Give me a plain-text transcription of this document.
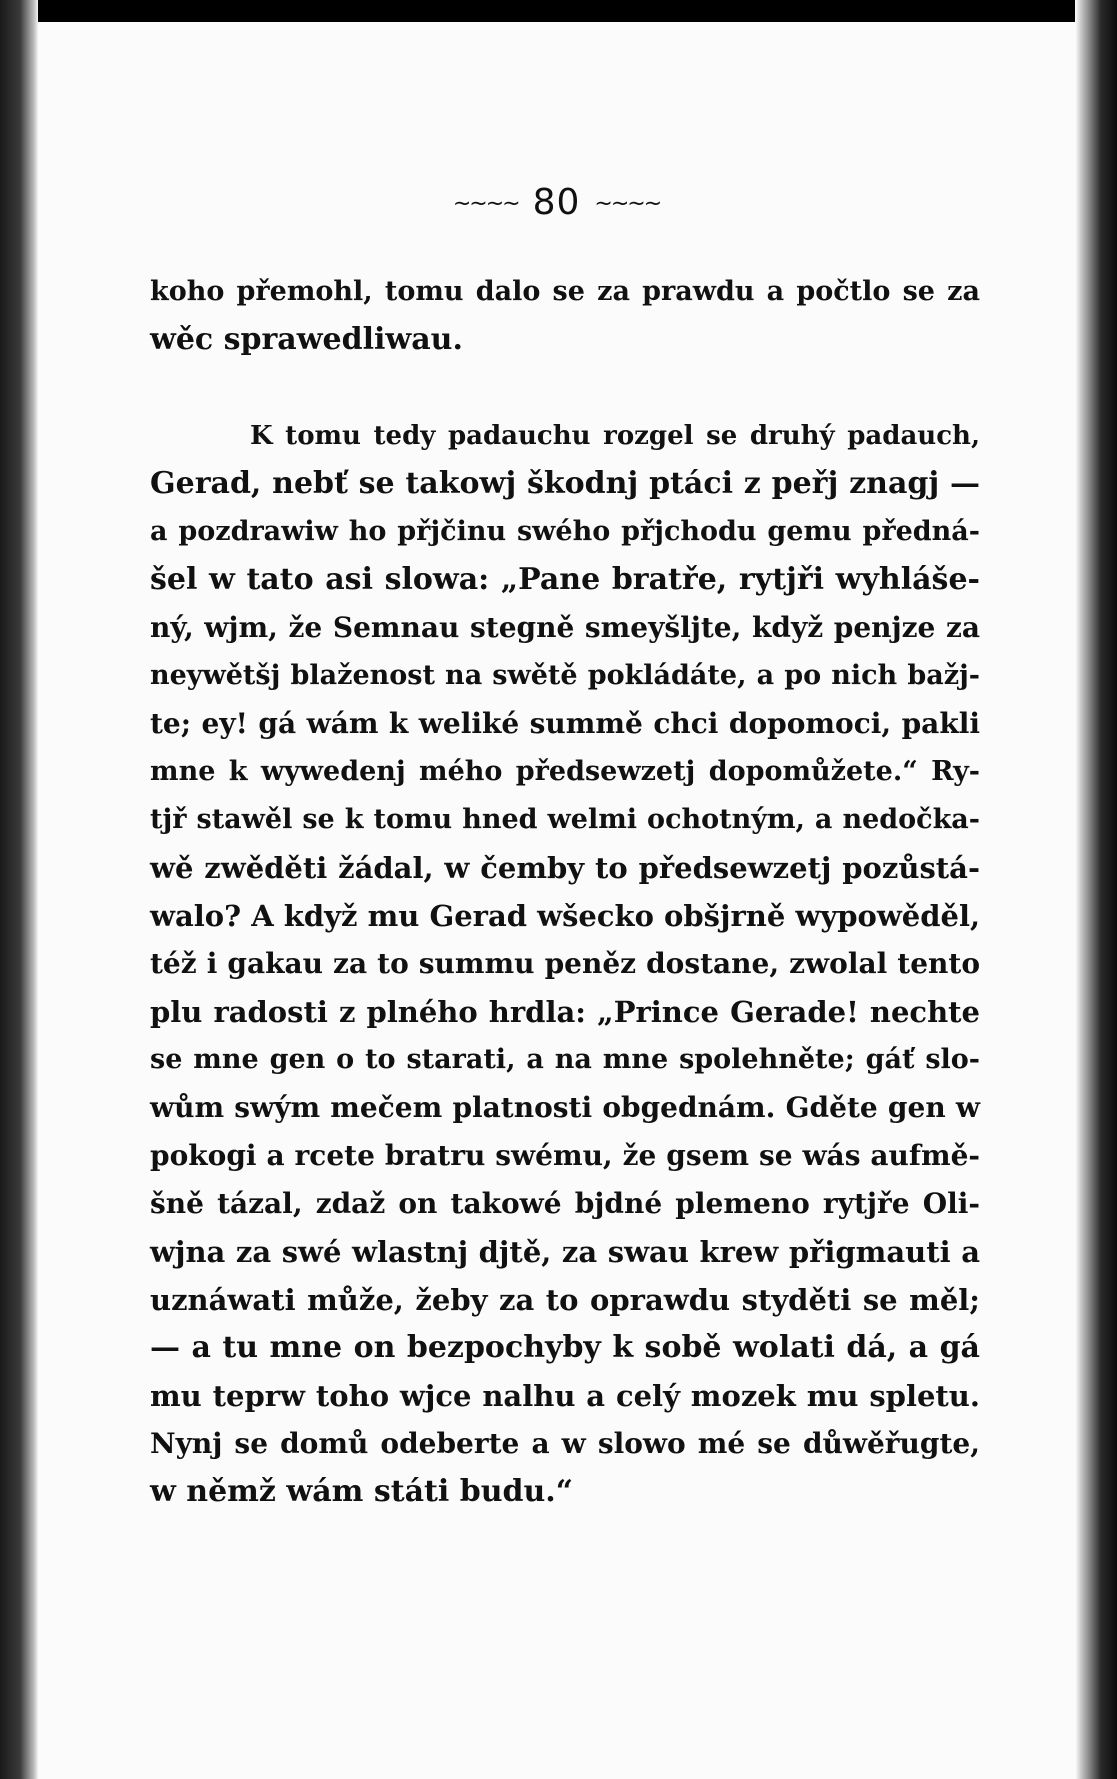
~~~~ 80 ~~~~
koho přemohl, tomu dalo se za prawdu a počtlo se za
wěc sprawedliwau.
K tomu tedy padauchu rozgel se druhý padauch,
Gerad, nebť se takowj škodnj ptáci z peřj znagj —
a pozdrawiw ho přjčinu swého přjchodu gemu předná-
šel w tato asi slowa: „Pane bratře, rytjři wyhláše-
ný, wjm, že Semnau stegně smeyšljte, když penjze za
neywětšj blaženost na swětě pokládáte, a po nich bažj-
te; ey! gá wám k weliké summě chci dopomoci, pakli
mne k wywedenj mého předsewzetj dopomůžete.“ Ry-
tjř stawěl se k tomu hned welmi ochotným, a nedočka-
wě zwěděti žádal, w čemby to předsewzetj pozůstá-
walo? A když mu Gerad wšecko obšjrně wypowěděl,
též i gakau za to summu peněz dostane, zwolal tento
plu radosti z plného hrdla: „Prince Gerade! nechte
se mne gen o to starati, a na mne spolehněte; gáť slo-
wům swým mečem platnosti obgednám. Gděte gen w
pokogi a rcete bratru swému, že gsem se wás aufmě-
šně tázal, zdaž on takowé bjdné plemeno rytjře Oli-
wjna za swé wlastnj djtě, za swau krew přigmauti a
uznáwati může, žeby za to oprawdu styděti se měl;
— a tu mne on bezpochyby k sobě wolati dá, a gá
mu teprw toho wjce nalhu a celý mozek mu spletu.
Nynj se domů odeberte a w slowo mé se důwěřugte,
w němž wám státi budu.“
